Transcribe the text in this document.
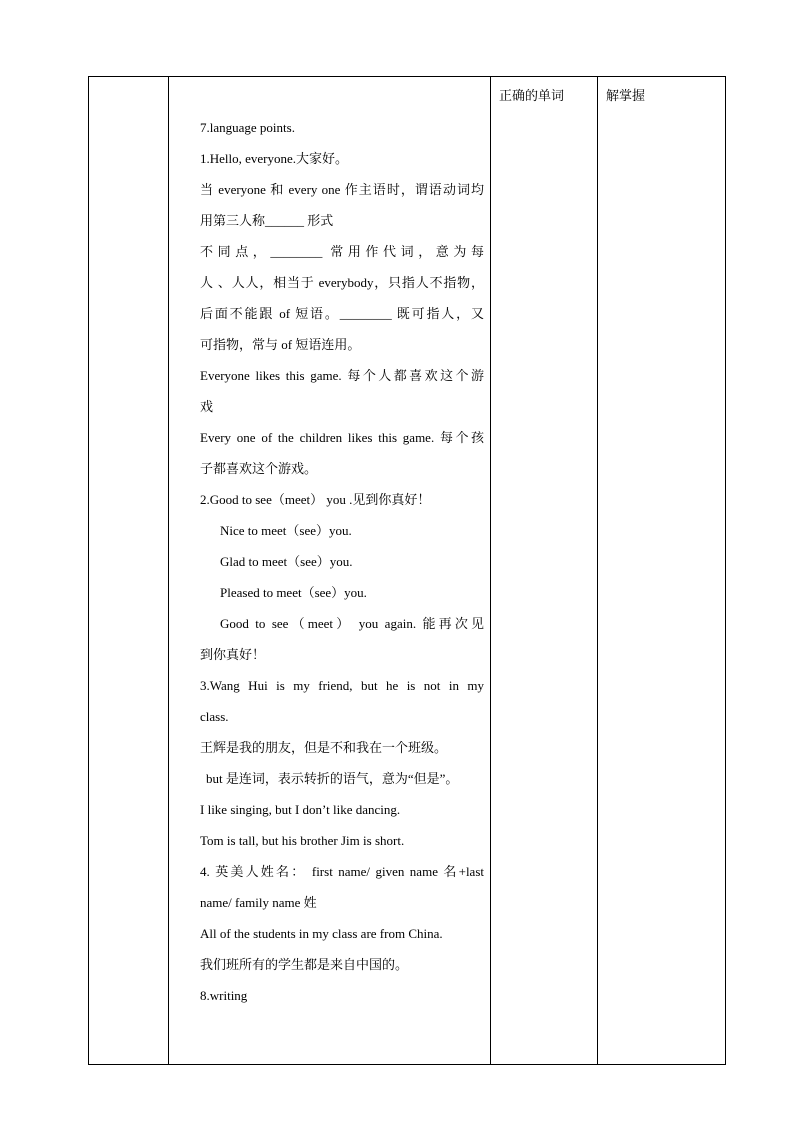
7.language points.
1.Hello, everyone.大家好。
当 everyone 和 every one 作主语时，谓语动词均
用第三人称______ 形式
不同点，________ 常用作代词，意为每
人 、人人，相当于 everybody，只指人不指物，
后面不能跟 of 短语。________ 既可指人，又
可指物，常与 of 短语连用。
Everyone likes this game. 每个人都喜欢这个游
戏
Every one of the children likes this game. 每个孩
子都喜欢这个游戏。
2.Good to see（meet） you .见到你真好！
Nice to meet（see）you.
Glad to meet（see）you.
Pleased to meet（see）you.
Good to see（meet） you again. 能再次见
到你真好！
3.Wang Hui is my friend, but he is not in my
class.
王辉是我的朋友，但是不和我在一个班级。
but 是连词，表示转折的语气，意为“但是”。
I like singing, but I don’t like dancing.
Tom is tall, but his brother Jim is short.
4. 英美人姓名： first name/ given name 名+last
name/ family name 姓
All of the students in my class are from China.
我们班所有的学生都是来自中国的。
8.writing
	正确的单词	解掌握
